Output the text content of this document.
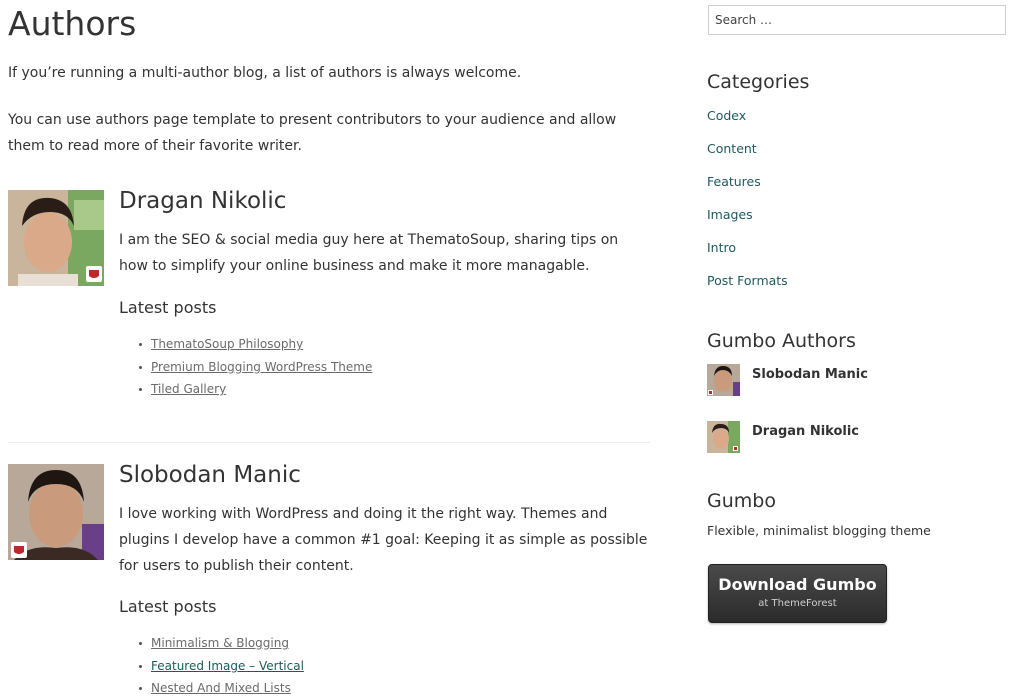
Authors

If you’re running a multi-author blog, a list of authors is always welcome.

You can use authors page template to present contributors to your audience and allow them to read more of their favorite writer.

Dragan Nikolic

I am the SEO & social media guy here at ThematoSoup, sharing tips on how to simplify your online business and make it more managable.

Latest posts
ThematoSoup Philosophy
Premium Blogging WordPress Theme
Tiled Gallery
Slobodan Manic

I love working with WordPress and doing it the right way. Themes and plugins I develop have a common #1 goal: Keeping it as simple as possible for users to publish their content.

Latest posts
Minimalism & Blogging
Featured Image – Vertical
Nested And Mixed Lists
Search …
Categories
Codex
Content
Features
Images
Intro
Post Formats
Gumbo Authors
Slobodan Manic
Dragan Nikolic
Gumbo

Flexible, minimalist blogging theme

Download Gumbo
at ThemeForest
